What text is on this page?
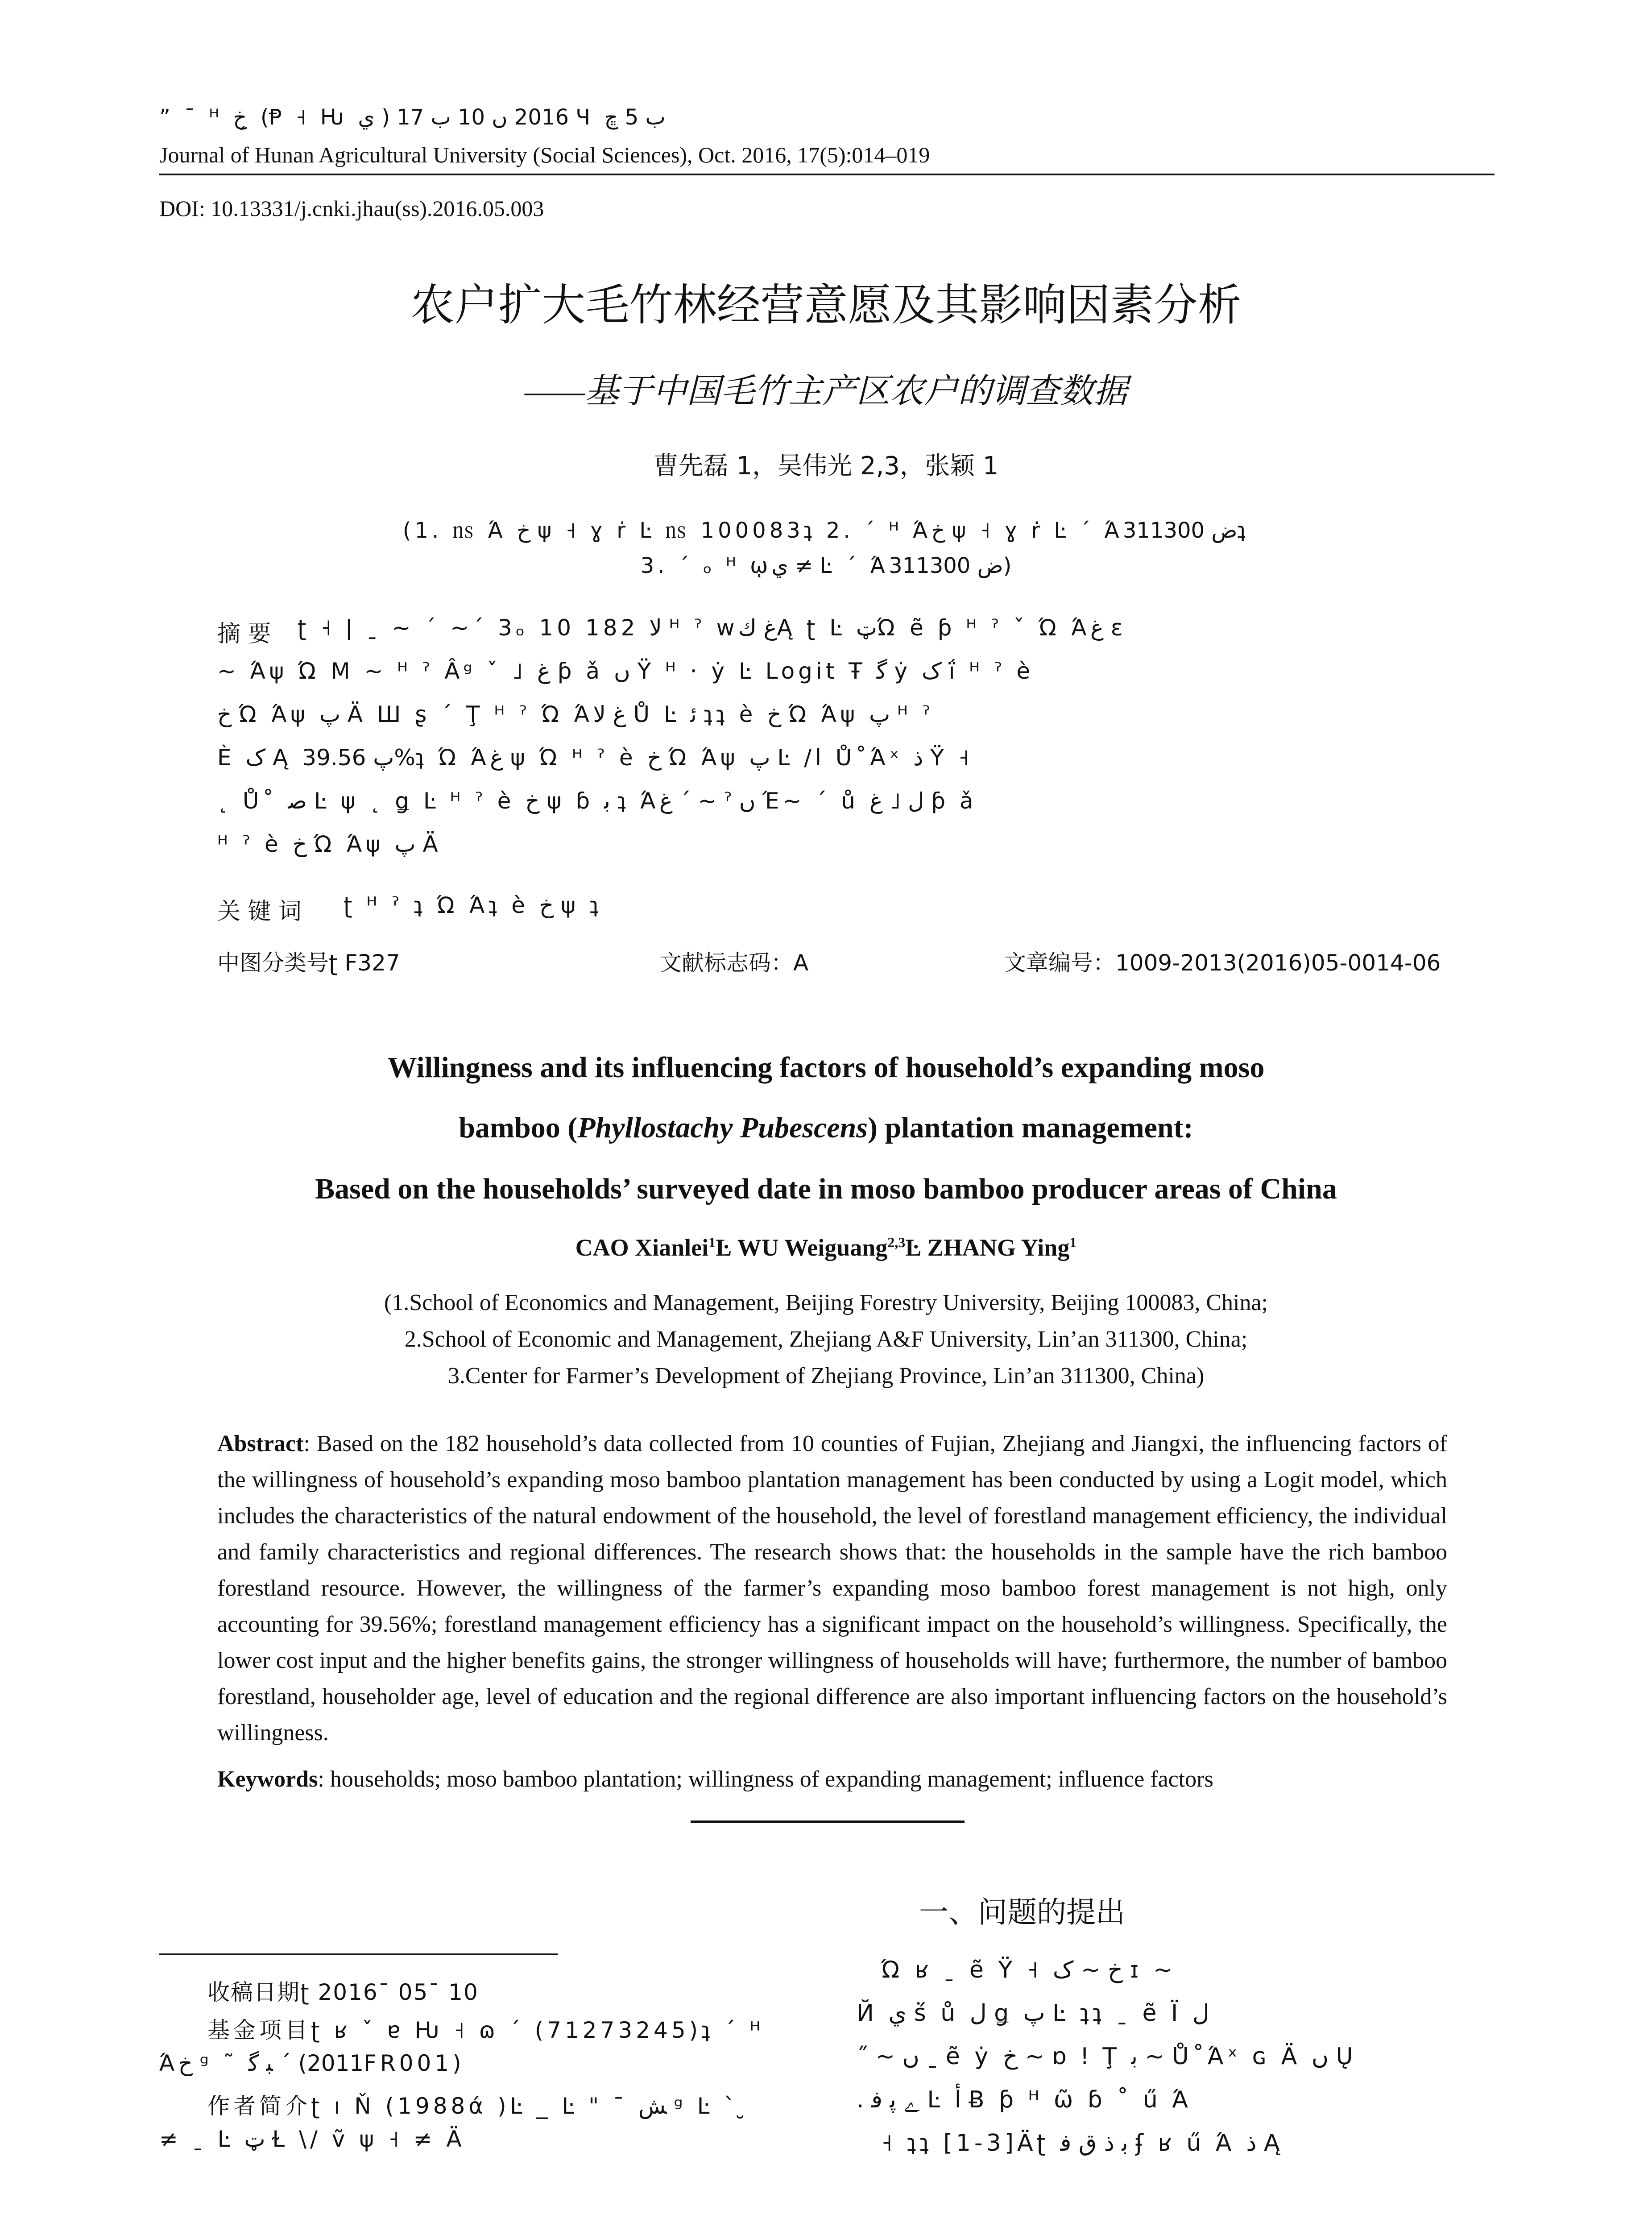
” ¯ ᴴ ﺥ ̗ (Ᵽ ˧ Ƕ ي ) 2016 ں 10 ب 17 Ɥ ب 5 ﭾ
Journal of Hunan Agricultural University (Social Sciences), Oct. 2016, 17(5):014–019
DOI: 10.13331/j.cnki.jhau(ss).2016.05.003
农户扩大毛竹林经营意愿及其影响因素分析
——基于中国毛竹主产区农户的调查数据
曹先磊 1，吴伟光 2,3，张颖 1
(1. ㎱ Ά ﺥ ψ ˧ ɣ ṙ Ŀ ㎱ 100083ʇ 2. ˊ ᴴ Άﺥ ψ ˧ ɣ ṙ Ŀ ˊ Άﺽ 311300ʇ
3. ˊ ₒ ᴴ ῳي ≠ Ŀ ˊ Άﺽ 311300)
摘 要 ʈ ˧ ǀ ˍ ~ ˊ ~ˊ 3ₒ 10 182 ﻻ ᴴ ˀ ᴡﻍ ﻙĄ ʈ Ŀ ټΏ ẽ ƥ ᴴ ˀ ˇ Ώ Άﻍ ɛ
~ Άψ Ώ M ~ ᴴ ˀ Âᵍ ˇ ˩ ﻍ ƥ ǎ ﮞ Ÿ ᴴ · ẏ Ŀ Logit Ŧ ﮔ ẏ ﮎ ḯ ᴴ ˀ è
ﺥ Ώ Άψ ﭖ Ä Ш ʂ ˊ Ţ ᴴ ˀ Ώ Άﻍ ﻻ Ů Ŀ ﺋ ʇʇ è ﺥ Ώ Άψ ﭖ ᴴ ˀ
È ﮎ Ą ﭖ 39.56%ʇ Ώ Άﻍ ψ Ώ ᴴ ˀ è ﺥ Ώ Άψ ﭖ Ŀ /l Ů˚Άˣ ﺫ Ÿ ˧
˛ Ů˚ ﺻ Ŀ ψ ˛ ǥ Ŀ ᴴ ˀ è ﺥ ψ ɓ ﺑ ʇ Άﻍ ˊ ~ ˀ ں Έ~ ˊ ů ﻝ ˩ ﻍ ƥ ǎ
ᴴ ˀ è ﺥ Ώ Άψ ﭖ Ä
关 键 词 ʈ ᴴ ˀ ʇ Ώ Άʇ è ﺥ ψ ʇ
中图分类号ʈ F327	文献标志码：A	文章编号：1009-2013(2016)05-0014-06
Willingness and its influencing factors of household’s expanding moso
bamboo (Phyllostachy Pubescens) plantation management:
Based on the households’ surveyed date in moso bamboo producer areas of China
CAO Xianlei$^1$Ŀ WU Weiguang$^{2,3}$Ŀ ZHANG Ying$^1$
(1.School of Economics and Management, Beijing Forestry University, Beijing 100083, China;
2.School of Economic and Management, Zhejiang A&F University, Lin’an 311300, China;
3.Center for Farmer’s Development of Zhejiang Province, Lin’an 311300, China)
Abstract: Based on the 182 household’s data collected from 10 counties of Fujian, Zhejiang and Jiangxi, the influencing factors of the willingness of household’s expanding moso bamboo plantation management has been conducted by using a Logit model, which includes the characteristics of the natural endowment of the household, the level of forestland management efficiency, the individual and family characteristics and regional differences. The research shows that: the households in the sample have the rich bamboo forestland resource. However, the willingness of the farmer’s expanding moso bamboo forest management is not high, only accounting for 39.56%; forestland management efficiency has a significant impact on the household’s willingness. Specifically, the lower cost input and the higher benefits gains, the stronger willingness of households will have; furthermore, the number of bamboo forestland, householder age, level of education and the regional difference are also important influencing factors on the household’s willingness.
Keywords: households; moso bamboo plantation; willingness of expanding management; influence factors
收稿日期ʈ 2016ˉ 05ˉ 10
基金项目ʈ ʁ ˇ ɐ Ƕ ˧ ɷ ˊ (71273245)ʇ ˊ ᴴ
Άﺥ ᵍ ˜ ﺒ ﮔ ˊ (2011FR001)
作者简介ʈ ı Ň (1988ά )Ŀ _ Ŀ " ¯ ﺶ ᵍ Ŀ ` ̮
≠ ˍ Ŀ ټ Ɫ \/ ṽ ψ ˧ ≠ Ä
一、问题的提出
Ώ ʁ ˍ ẽ Ÿ ˧ ﺥ ~ ﮎ ɪ ~
Й ي ṥ ů ﻝ ǥ ﭖ Ŀ ʇʇ ˍ ẽ Ï ﻝ
˝ ~ ں ˍ ẽ ẏ ﺥ ~ ɒ ǃ Ţ ﺑ ~ Ů˚Άˣ ɢ Ä ں Ų
. ﮮ ﭘ ﻓ Ŀ ﺃ Ƀ ƥ ᴴ ῶ ɓ ˚ ű Ά
˧ ʇʇ [1-3]Äʈ ﺑ ﺫ ﻕ ﻓ ʄ ʁ ű Ά ﺫ Ą
